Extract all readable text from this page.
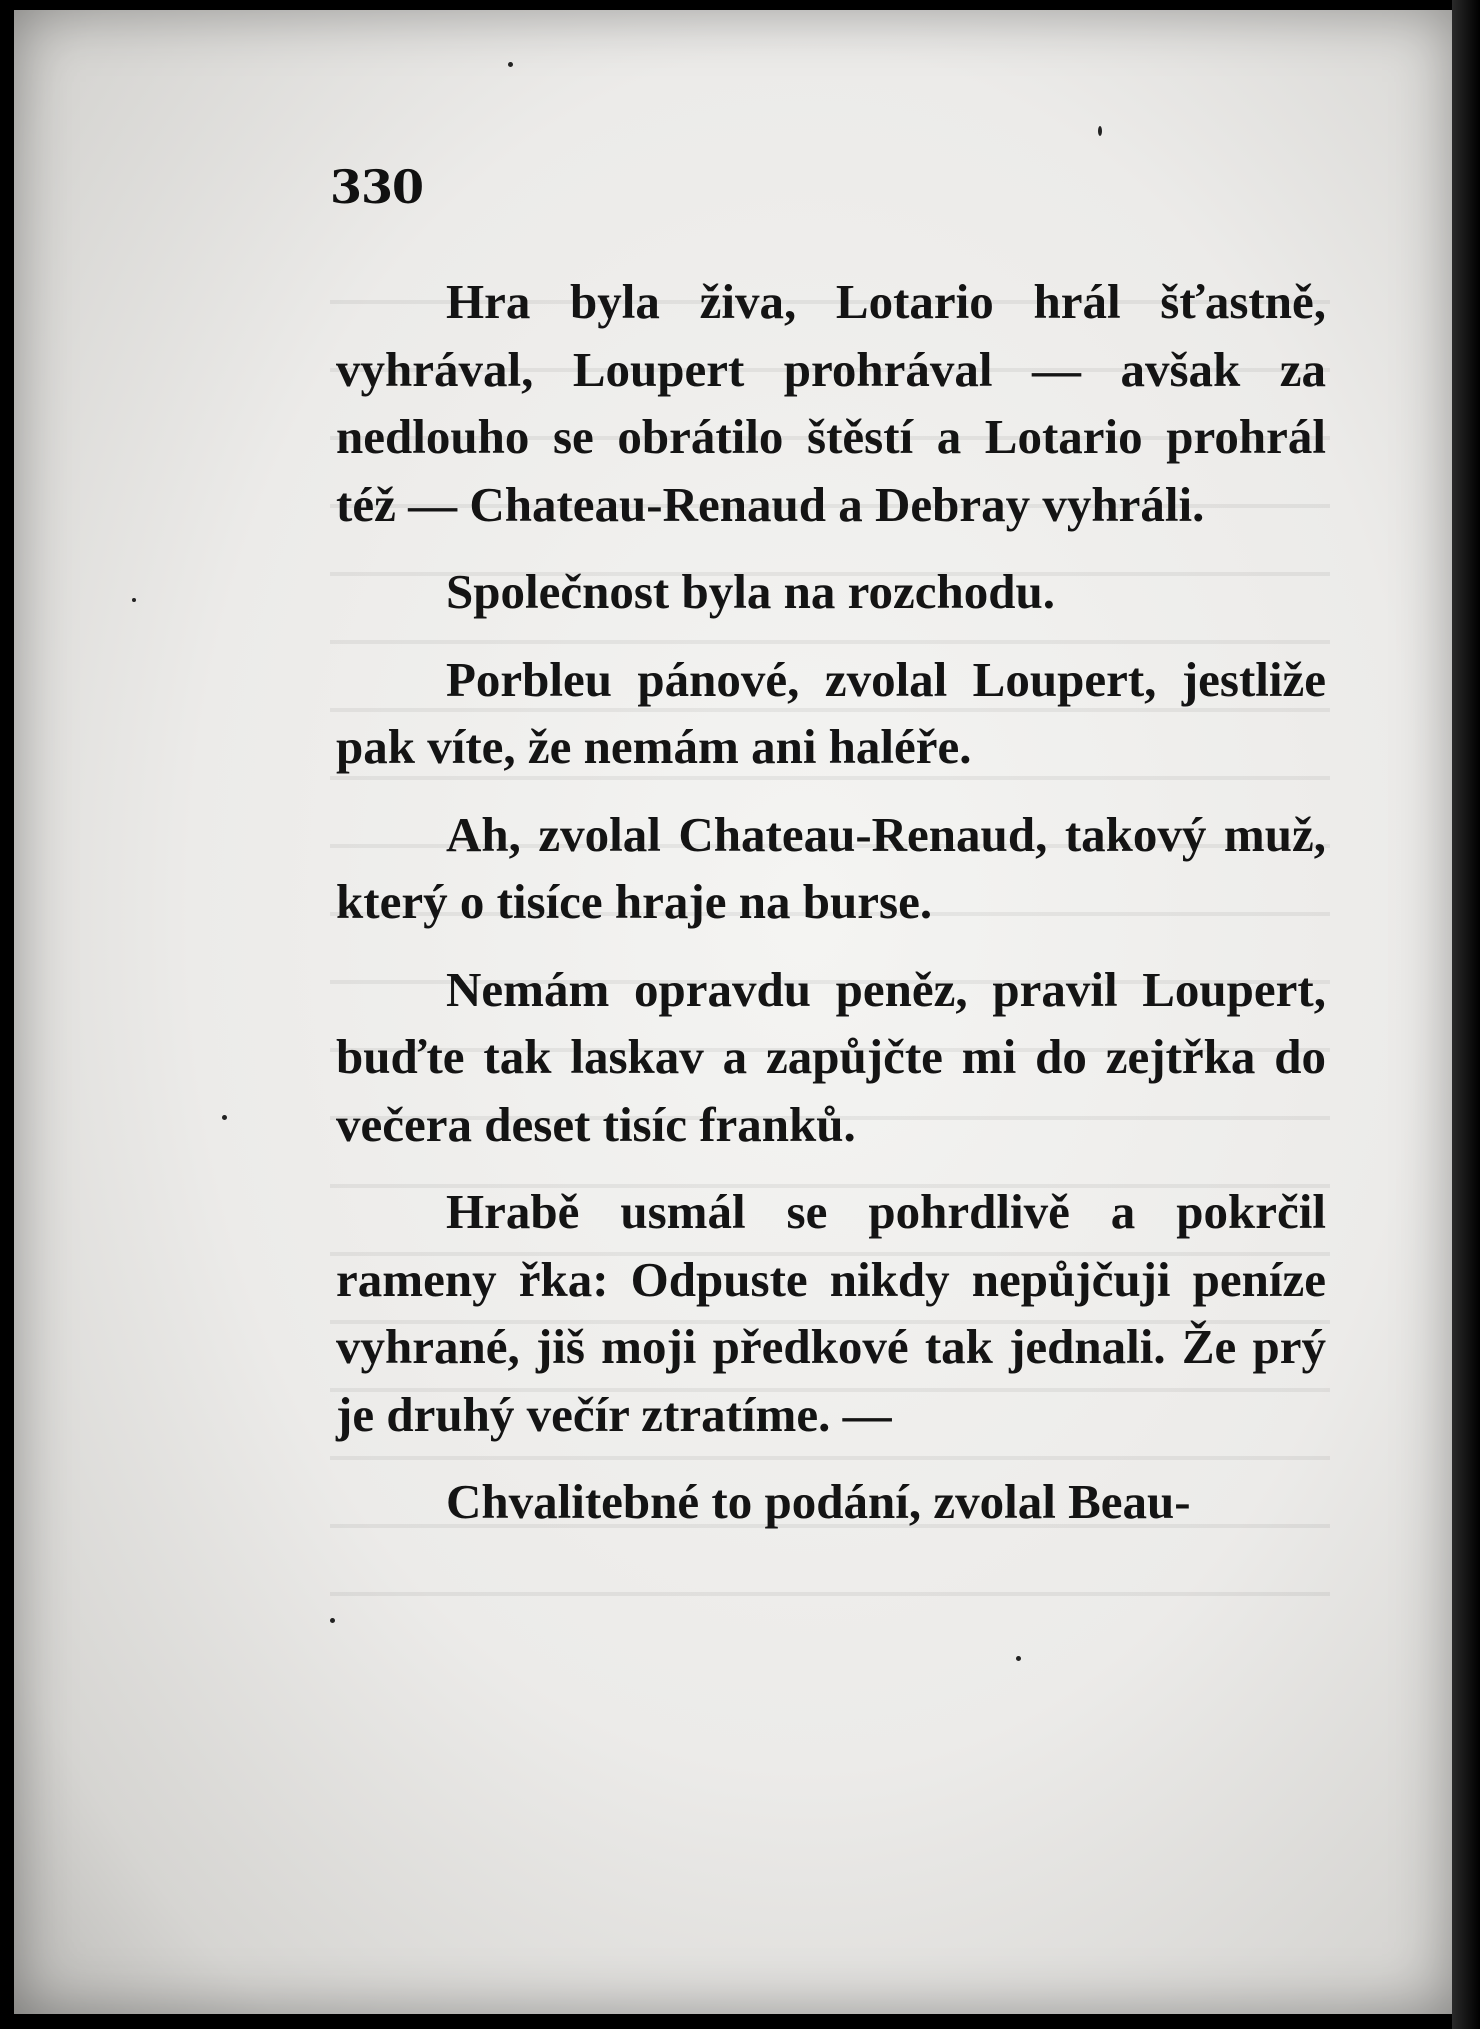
330

Hra byla živa, Lotario hrál šťastně, vyhrával, Loupert prohrával — avšak za nedlouho se obrátilo štěstí a Lotario prohrál též — Chateau-Renaud a Debray vyhráli.

Společnost byla na rozchodu.

Porbleu pánové, zvolal Loupert, jestliže pak víte, že nemám ani haléře.

Ah, zvolal Chateau-Renaud, takový muž, který o tisíce hraje na burse.

Nemám opravdu peněz, pravil Loupert, buďte tak laskav a zapůjčte mi do zejtřka do večera deset tisíc franků.

Hrabě usmál se pohrdlivě a pokrčil rameny řka: Odpuste nikdy nepůjčuji peníze vyhrané, jiš moji předkové tak jednali. Že prý je druhý večír ztratíme. —

Chvalitebné to podání, zvolal Beau-
